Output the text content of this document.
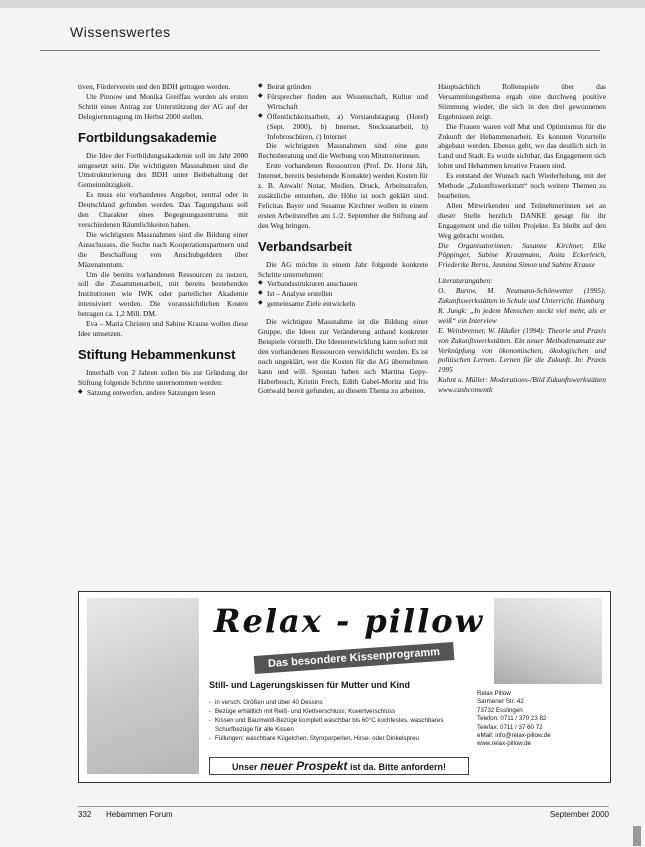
Wissenswertes

tiven, Förderverein und den BDH getragen werden.

Ute Pinnow und Monika Greiffau wurden als ersten Schritt einen Antrag zur Unterstützung der AG auf der Delegiertentagung im Herbst 2000 stellen.

Fortbildungsakademie

Die Idee der Fortbildungsakademie soll im Jahr 2000 umgesetzt sein. Die wichtigsten Massnahmen sind die Umstrukturierung des BDH unter Beibehaltung der Gemeinnützigkeit.

Es muss ein vorhandenes Angebot, zentral oder in Deutschland gefunden werden. Das Tagungshaus soll den Charakter eines Begegnungszentrums mit verschiedenen Räumlichkeiten haben.

Die wichtigsten Massnahmen sind die Bildung einer Ausschusses, die Suche nach Kooperationspartnern und die Beschaffung von Anschubgeldern über Mäzenatentum.

Um die bereits vorhandenen Ressourcen zu nutzen, soll die Zusammenarbeit, mit bereits bestehenden Institutionen wie IWK oder parteilicher Akademie intensiviert werden. Die voraussichtlichen Kosten betragen ca. 1,2 Mill. DM.

Eva – Maria Christen und Sabine Krause wollen diese Idee umsetzen.

Stiftung Hebammenkunst

Innerhalb von 2 Jahren sollen bis zur Gründung der Stiftung folgende Schritte unternommen werden:

◆ Satzung entwerfen, andere Satzungen lesen
◆ Beirat gründen
◆ Fürsprecher finden aus Wissenschaft, Kultur und Wirtschaft
◆ Öffentlichkeitsarbeit, a) Vorstandstagung (Hotel) (Sept. 2000), b) Internet, Stecksanarbeit, b) Infobroschüren, c) Internet

Die wichtigsten Massnahmen sind eine gute Rechtsberatung und die Werbung von Mitstreiterinnen.

Erste vorhandenen Ressourcen (Prof. Dr. Horst Jäh, Internet, bereits bestehende Kontakte) werden Kosten für z. B. Anwalt/ Notar, Medien, Druck, Arbeitsstrafen, zusätzliche entstehen, die Höhe ist noch geklärt sind. Felicitas Bayer und Susanne Kirchner wollen in einem ersten Arbeitstreffen am 1./2. September die Stiftung auf den Weg bringen.

Verbandsarbeit

Die AG möchte in einem Jahr folgende konkrete Schritte unternehmen:

◆ Verbandsstrukturen anschauen
◆ Ist – Analyse erstellen
◆ gemeinsame Ziele entwickeln

Die wichtigste Massnahme ist die Bildung einer Gruppe, die Ideen zur Veränderung anhand konkreter Beispiele vorstellt. Die Ideenentwicklung kann sofort mit den vorhandenen Ressourcen verwirklicht werden. Es ist noch ungeklärt, wer die Kosten für die AG übernehmen kann und will. Spontan haben sich Martina Gepy-Haberbosch, Kristin Frech, Edith Gabel-Moritz und Iris Gottwald bereit gefunden, an diesem Thema zu arbeiten.

Hauptsächlich Rollenspiele über das Versammlungsthema ergab eine durchweg positive Stimmung wieder, die sich in den drei gewonnenen Ergebnissen zeigt.

Die Frauen waren voll Mut und Optimismus für die Zukunft der Hebammenarbeit. Es konnten Vorurteile abgebaut werden. Ebenso geht, wo das deutlich sich in Land und Stadt. Es wurde sichtbar, das Engagement sich lohnt und Hebammen kreative Frauen sind.

Es entstand der Wunsch nach Wiederholung, mit der Methode „Zukunftswerkstatt“ noch weitere Themen zu bearbeiten.

Allen Mitwirkenden und Teilnehmerinnen sei an dieser Stelle herzlich DANKE gesagt für ihr Engagement und die tollen Projekte. Es bleibt auf den Weg gebracht worden.

Die Organisatorinnen: Susanne Kirchner, Elke Pöppinger, Sabine Krautmann, Anita Eckerleich, Friederike Berns, Jasmina Simon und Sabine Krause

Literaturangaben:

O. Burow, M. Neumann-Schönwetter (1995): Zukunftswerkstätten in Schule und Unterricht. Hamburg

R. Jungk: „In jedem Menschen steckt viel mehr, als er weiß“ ein Interview

E. Weinbrenner, W. Häußer (1994): Theorie und Praxis von Zukunftswerkstätten. Ein neuer Methodenansatz zur Verknüpfung von ökonomischen, ökologischen und politischen Lernen. Lernen für die Zukunft. In: Praxis 1995

Kuhnt u. Müller: Moderations-/Bild Zukunftswerkstätten www.cashcomentk

Relax - pillow
Das besondere Kissenprogramm
Still- und Lagerungskissen für Mutter und Kind
- in versch. Größen und über 40 Dessins
- Bezüge erhältlich mit Reiß- und Klettverschluss; Kuvertverschluss
- Kissen und Baumwoll-Bezüge komplett waschbar bis 60°C kochfestes, waschbares Schurfbezüge für alle Kissen
- Füllungen: waschbare Kügelchen, Styroporperlen, Hirse- oder Dinkelspreu
Relax Pillow
Sarmener Str. 42
73732 Esslingen
Telefon: 0711 / 370 23 82
Telefax: 0711 / 37 60 72
eMail: info@relax-pillow.de
www.relax-pillow.de
Unser neuer Prospekt ist da. Bitte anfordern!
332 Hebammen Forum	September 2000
